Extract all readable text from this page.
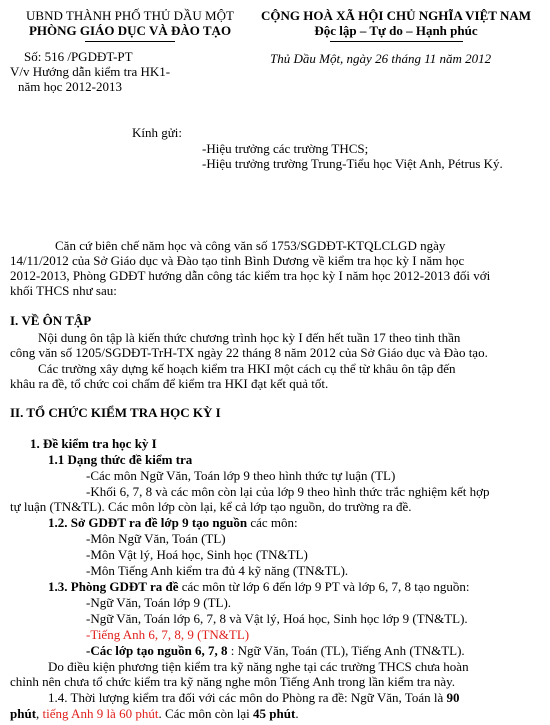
UBND THÀNH PHỐ THỦ DẦU MỘT
PHÒNG GIÁO DỤC VÀ ĐÀO TẠO
CỘNG HOÀ XÃ HỘI CHỦ NGHĨA VIỆT NAM
Độc lập – Tự do – Hạnh phúc
Số: 516 /PGDĐT-PT
V/v Hướng dẫn kiểm tra HK1-
năm học 2012-2013
Thủ Dầu Một, ngày 26 tháng 11 năm 2012
Kính gửi:
-Hiệu trưởng các trường THCS;
-Hiệu trưởng trường Trung-Tiểu học Việt Anh, Pétrus Ký.
Căn cứ biên chế năm học và công văn số 1753/SGDĐT-KTQLCLGD ngày
14/11/2012 của Sở Giáo dục và Đào tạo tỉnh Bình Dương về kiểm tra học kỳ I năm học
2012-2013, Phòng GDĐT hướng dẫn công tác kiểm tra học kỳ I năm học 2012-2013 đối với
khối THCS như sau:
I. VỀ ÔN TẬP
Nội dung ôn tập là kiến thức chương trình học kỳ I đến hết tuần 17 theo tinh thần
công văn số 1205/SGDĐT-TrH-TX ngày 22 tháng 8 năm 2012 của Sở Giáo dục và Đào tạo.
Các trường xây dựng kế hoạch kiểm tra HKI một cách cụ thể từ khâu ôn tập đến
khâu ra đề, tổ chức coi chấm để kiểm tra HKI đạt kết quả tốt.
II. TỔ CHỨC KIỂM TRA HỌC KỲ I
1. Đề kiểm tra học kỳ I
1.1 Dạng thức đề kiểm tra
-Các môn Ngữ Văn, Toán lớp 9 theo hình thức tự luận (TL)
-Khối 6, 7, 8 và các môn còn lại của lớp 9 theo hình thức trắc nghiệm kết hợp
tự luận (TN&TL). Các môn lớp còn lại, kể cả lớp tạo nguồn, do trường ra đề.
1.2. Sở GDĐT ra đề lớp 9 tạo nguồn các môn:
-Môn Ngữ Văn, Toán (TL)
-Môn Vật lý, Hoá học, Sinh học (TN&TL)
-Môn Tiếng Anh kiểm tra đủ 4 kỹ năng (TN&TL).
1.3. Phòng GDĐT ra đề các môn từ lớp 6 đến lớp 9 PT và lớp 6, 7, 8 tạo nguồn:
-Ngữ Văn, Toán lớp 9 (TL).
-Ngữ Văn, Toán lớp 6, 7, 8 và Vật lý, Hoá học, Sinh học lớp 9 (TN&TL).
-Tiếng Anh 6, 7, 8, 9 (TN&TL)
-Các lớp tạo nguồn 6, 7, 8 : Ngữ Văn, Toán (TL), Tiếng Anh (TN&TL).
Do điều kiện phương tiện kiểm tra kỹ năng nghe tại các trường THCS chưa hoàn
chỉnh nên chưa tổ chức kiểm tra kỹ năng nghe môn Tiếng Anh trong lần kiểm tra này.
1.4. Thời lượng kiểm tra đối với các môn do Phòng ra đề: Ngữ Văn, Toán là 90
phút, tiếng Anh 9 là 60 phút. Các môn còn lại 45 phút.
